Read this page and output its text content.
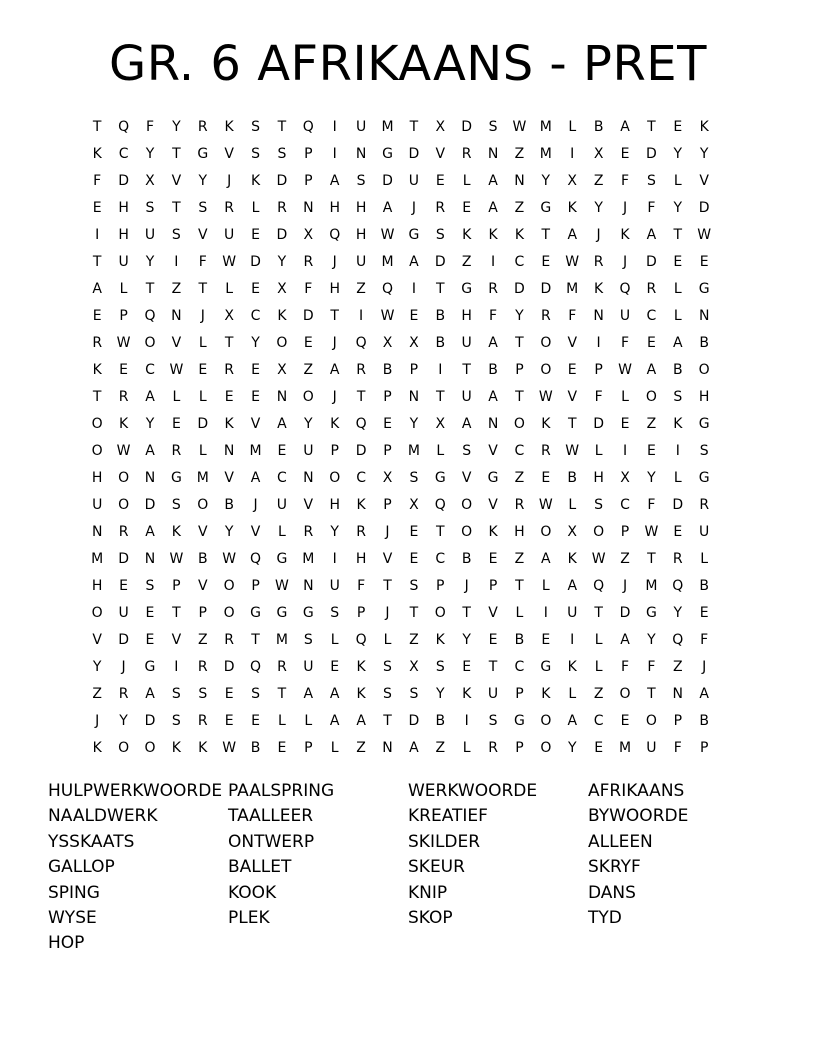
GR. 6 AFRIKAANS - PRET
T	Q	F	Y	R	K	S	T	Q	I	U	M	T	X	D	S	W M	L	B	A	T	E	K
K	C	Y	T	G	V	S	S	P	I	N	G	D	V	R	N	Z	M	I	X	E	D	Y	Y
F	D	X	V	Y	J	K	D	P	A	S	D	U	E	L	A	N	Y	X	Z	F	S	L	V
E	H	S	T	S	R	L	R	N	H	H	A	J	R	E	A	Z	G	K	Y	J	F	Y	D
I	H	U	S	V	U	E	D	X	Q	H	W	G	S	K	K	K	T	A	J	K	A	T	W
T	U	Y	I	F	W	D	Y	R	J	U	M	A	D	Z	I	C	E	W	R	J	D	E	E
A	L	T	Z	T	L	E	X	F	H	Z	Q	I	T	G	R	D	D	M	K	Q	R	L	G
E	P	Q	N	J	X	C	K	D	T	I	W	E	B	H	F	Y	R	F	N	U	C	L	N
R	W O	V	L	T	Y	O	E	J	Q	X	X	B	U	A	T	O	V	I	F	E	A	B
K	E	C	W	E	R	E	X	Z	A	R	B	P	I	T	B	P	O	E	P	W	A	B	O
T	R	A	L	L	E	E	N	O	J	T	P	N	T	U	A	T	W	V	F	L	O	S	H
O	K	Y	E	D	K	V	A	Y	K	Q	E	Y	X	A	N	O	K	T	D	E	Z	K	G
O W	A	R	L	N	M	E	U	P	D	P	M	L	S	V	C	R	W	L	I	E	I	S
H	O	N	G	M	V	A	C	N	O	C	X	S	G	V	G	Z	E	B	H	X	Y	L	G
U	O	D	S	O	B	J	U	V	H	K	P	X	Q	O	V	R	W	L	S	C	F	D	R
N	R	A	K	V	Y	V	L	R	Y	R	J	E	T	O	K	H	O	X	O	P	W	E	U
M	D	N	W	B	W Q	G	M	I	H	V	E	C	B	E	Z	A	K	W	Z	T	R	L
H	E	S	P	V	O	P	W	N	U	F	T	S	P	J	P	T	L	A	Q	J	M	Q	B
O	U	E	T	P	O	G	G	G	S	P	J	T	O	T	V	L	I	U	T	D	G	Y	E
V	D	E	V	Z	R	T	M	S	L	Q	L	Z	K	Y	E	B	E	I	L	A	Y	Q	F
Y	J	G	I	R	D	Q	R	U	E	K	S	X	S	E	T	C	G	K	L	F	F	Z	J
Z	R	A	S	S	E	S	T	A	A	K	S	S	Y	K	U	P	K	L	Z	O	T	N	A
J	Y	D	S	R	E	E	L	L	A	A	T	D	B	I	S	G	O	A	C	E	O	P	B
K	O	O	K	K	W	B	E	P	L	Z	N	A	Z	L	R	P	O	Y	E	M	U	F	P
HULPWERKWOORDE PAALSPRING	WERKWOORDE	AFRIKAANS
NAALDWERK	TAALLEER	KREATIEF	BYWOORDE
YSSKAATS	ONTWERP	SKILDER	ALLEEN
GALLOP	BALLET	SKEUR	SKRYF
SPING	KOOK	KNIP	DANS
WYSE	PLEK	SKOP	TYD
HOP
